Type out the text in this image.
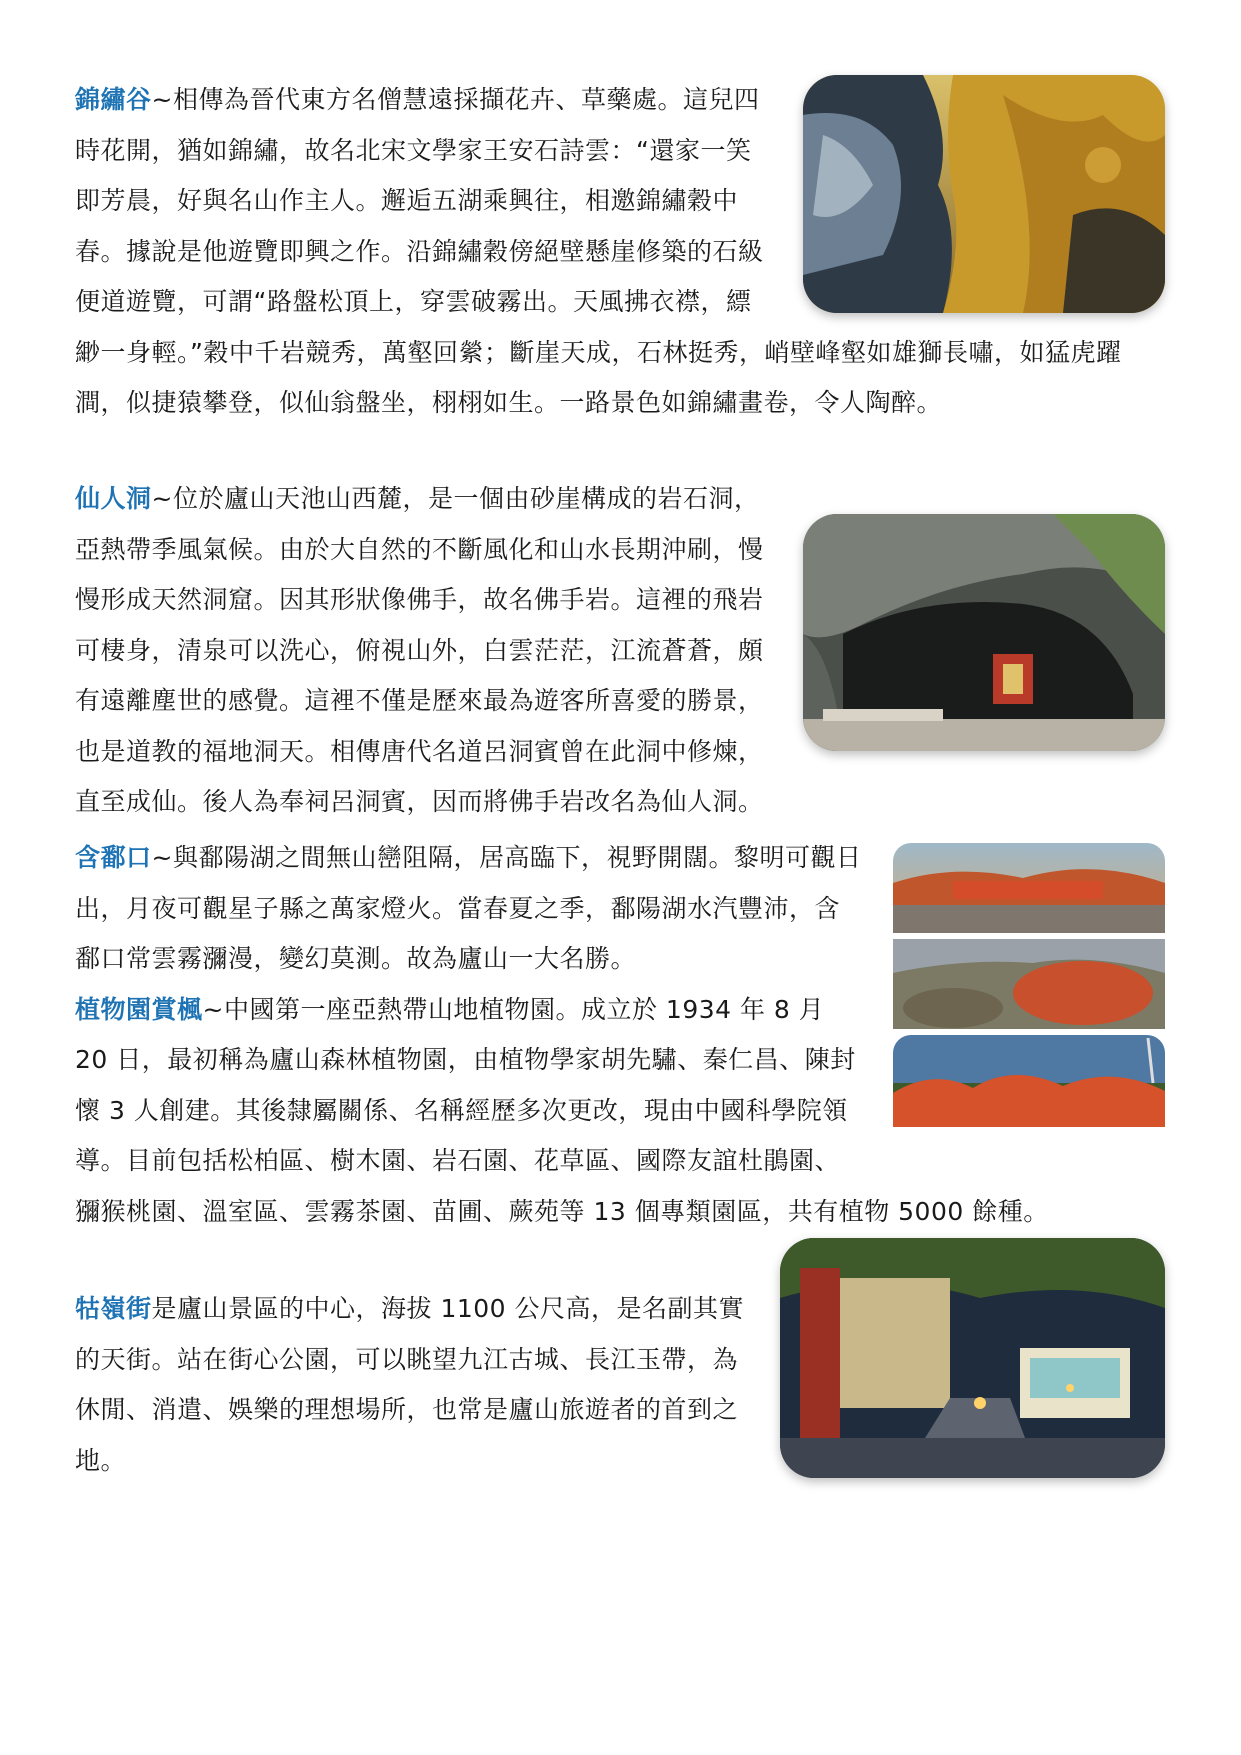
錦繡谷~相傳為晉代東方名僧慧遠採擷花卉、草藥處。這兒四時花開，猶如錦繡，故名北宋文學家王安石詩雲：“還家一笑即芳晨，好與名山作主人。邂逅五湖乘興往，相邀錦繡穀中春。據說是他遊覽即興之作。沿錦繡穀傍絕壁懸崖修築的石級便道遊覽，可謂“路盤松頂上，穿雲破霧出。天風拂衣襟，縹緲一身輕。”穀中千岩競秀，萬壑回縈；斷崖天成，石林挺秀，峭壁峰壑如雄獅長嘯，如猛虎躍澗，似捷猿攀登，似仙翁盤坐，栩栩如生。一路景色如錦繡畫卷，令人陶醉。

仙人洞~位於廬山天池山西麓，是一個由砂崖構成的岩石洞，亞熱帶季風氣候。由於大自然的不斷風化和山水長期沖刷，慢慢形成天然洞窟。因其形狀像佛手，故名佛手岩。這裡的飛岩可棲身，清泉可以洗心，俯視山外，白雲茫茫，江流蒼蒼，頗有遠離塵世的感覺。這裡不僅是歷來最為遊客所喜愛的勝景，也是道教的福地洞天。相傳唐代名道呂洞賓曾在此洞中修煉，直至成仙。後人為奉祠呂洞賓，因而將佛手岩改名為仙人洞。

含鄱口~與鄱陽湖之間無山巒阻隔，居高臨下，視野開闊。黎明可觀日出，月夜可觀星子縣之萬家燈火。當春夏之季，鄱陽湖水汽豐沛，含鄱口常雲霧瀰漫，變幻莫測。故為廬山一大名勝。
植物園賞楓~中國第一座亞熱帶山地植物園。成立於 1934 年 8 月 20 日，最初稱為廬山森林植物園，由植物學家胡先驌、秦仁昌、陳封懷 3 人創建。其後隸屬關係、名稱經歷多次更改，現由中國科學院領導。目前包括松柏區、樹木園、岩石園、花草區、國際友誼杜鵑園、獼猴桃園、溫室區、雲霧茶園、苗圃、蕨苑等 13 個專類園區，共有植物 5000 餘種。

牯嶺街是廬山景區的中心，海拔 1100 公尺高，是名副其實的天街。站在街心公園，可以眺望九江古城、長江玉帶，為休閒、消遣、娛樂的理想場所，也常是廬山旅遊者的首到之地。
